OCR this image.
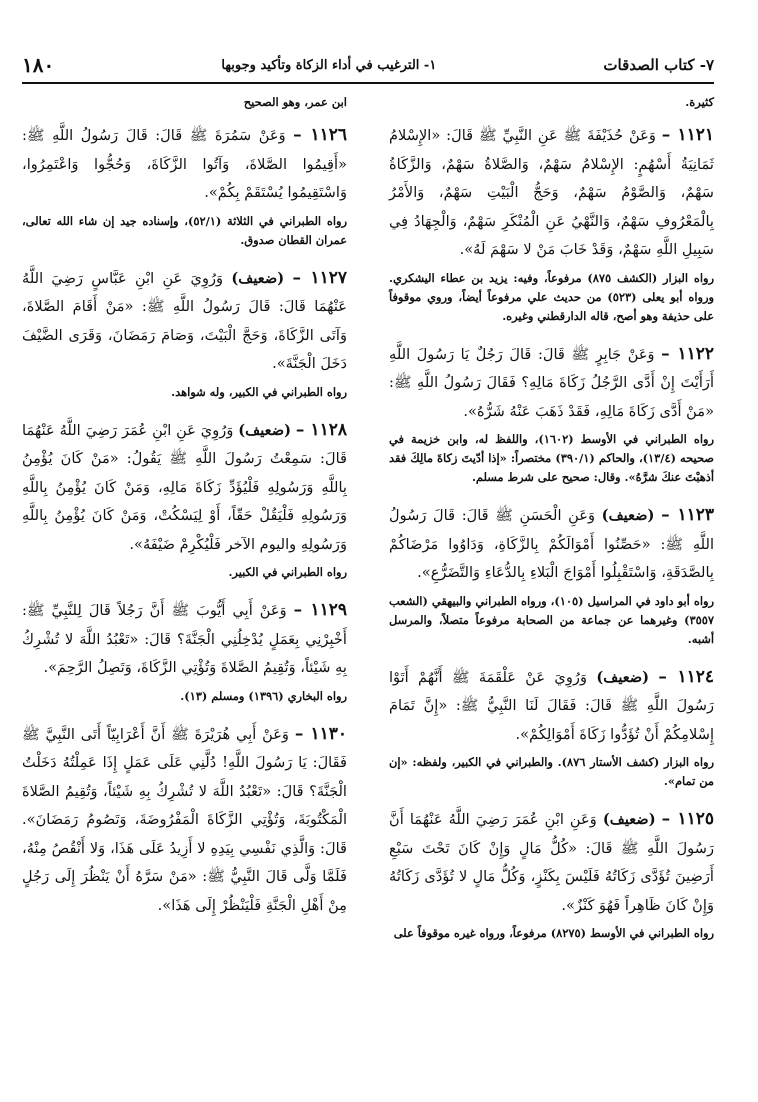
٧- كتاب الصدقات
١- الترغيب في أداء الزكاة وتأكيد وجوبها
١٨٠

كثيرة.

١١٢١ – وَعَنْ حُذَيْفَةَ ﷺ عَنِ النَّبِيِّ ﷺ قَالَ: «الإِسْلامُ ثَمَانِيَةُ أَسْهُمٍ: الإِسْلامُ سَهْمٌ، وَالصَّلاةُ سَهْمٌ، وَالزَّكَاةُ سَهْمٌ، وَالصَّوْمُ سَهْمٌ، وَحَجُّ الْبَيْتِ سَهْمٌ، وَالأَمْرُ بِالْمَعْرُوفِ سَهْمٌ، وَالنَّهْيُ عَنِ الْمُنْكَرِ سَهْمٌ، وَالْجِهَادُ فِي سَبِيلِ اللَّهِ سَهْمٌ، وَقَدْ خَابَ مَنْ لا سَهْمَ لَهُ».

رواه البزار (الكشف ٨٧٥) مرفوعاً، وفيه: يزيد بن عطاء اليشكري. ورواه أبو يعلى (٥٢٣) من حديث علي مرفوعاً أيضاً، وروي موقوفاً على حذيفة وهو أصح، قاله الدارقطني وغيره.

١١٢٢ – وَعَنْ جَابِرٍ ﷺ قَالَ: قَالَ رَجُلٌ يَا رَسُولَ اللَّهِ أَرَأَيْتَ إِنْ أَدَّى الرَّجُلُ زَكَاةَ مَالِهِ؟ فَقَالَ رَسُولُ اللَّهِ ﷺ: «مَنْ أَدَّى زَكَاةَ مَالِهِ، فَقَدْ ذَهَبَ عَنْهُ شَرُّهُ».

رواه الطبراني في الأوسط (١٦٠٢)، واللفظ له، وابن خزيمة في صحيحه (١٣/٤)، والحاكم (٣٩٠/١) مختصراً: «إذا أدّيتَ زكاةَ مالِكَ فقد أذهبْتَ عنكَ شرَّهُ». وقال: صحيح على شرط مسلم.

١١٢٣ – (ضعيف) وَعَنِ الْحَسَنِ ﷺ قَالَ: قَالَ رَسُولُ اللَّهِ ﷺ: «حَصِّنُوا أَمْوَالَكُمْ بِالزَّكَاةِ، وَدَاوُوا مَرْضَاكُمْ بِالصَّدَقَةِ، وَاسْتَقْبِلُوا أَمْوَاجَ الْبَلاءِ بِالدُّعَاءِ وَالتَّضَرُّعِ».

رواه أبو داود في المراسيل (١٠٥)، ورواه الطبراني والبيهقي (الشعب ٣٥٥٧) وغيرهما عن جماعة من الصحابة مرفوعاً متصلاً، والمرسل أشبه.

١١٢٤ – (ضعيف) وَرُوِيَ عَنْ عَلْقَمَةَ ﷺ أَنَّهُمْ أَتَوْا رَسُولَ اللَّهِ ﷺ قَالَ: فَقَالَ لَنَا النَّبِيُّ ﷺ: «إِنَّ تَمَامَ إِسْلامِكُمْ أَنْ تُؤَدُّوا زَكَاةَ أَمْوَالِكُمْ».

رواه البزار (كشف الأستار ٨٧٦). والطبراني في الكبير، ولفظه: «إن من تمام».

١١٢٥ – (ضعيف) وَعَنِ ابْنِ عُمَرَ رَضِيَ اللَّهُ عَنْهُمَا أَنَّ رَسُولَ اللَّهِ ﷺ قَالَ: «كُلُّ مَالٍ وَإِنْ كَانَ تَحْتَ سَبْعِ أَرَضِينَ تُؤَدَّى زَكَاتُهُ فَلَيْسَ بِكَنْزٍ، وَكُلُّ مَالٍ لا تُؤَدَّى زَكَاتُهُ وَإِنْ كَانَ ظَاهِراً فَهُوَ كَنْزٌ».

رواه الطبراني في الأوسط (٨٢٧٥) مرفوعاً، ورواه غيره موقوفاً على

ابن عمر، وهو الصحيح

١١٢٦ – وَعَنْ سَمُرَةَ ﷺ قَالَ: قَالَ رَسُولُ اللَّهِ ﷺ: «أَقِيمُوا الصَّلاةَ، وَآتُوا الزَّكَاةَ، وَحُجُّوا وَاعْتَمِرُوا، وَاسْتَقِيمُوا يُسْتَقَمْ بِكُمْ».

رواه الطبراني في الثلاثة (٥٢/١)، وإسناده جيد إن شاء الله تعالى، عمران القطان صدوق.

١١٢٧ – (ضعيف) وَرُوِيَ عَنِ ابْنِ عَبَّاسٍ رَضِيَ اللَّهُ عَنْهُمَا قَالَ: قَالَ رَسُولُ اللَّهِ ﷺ: «مَنْ أَقَامَ الصَّلاةَ، وَآتَى الزَّكَاةَ، وَحَجَّ الْبَيْتَ، وَصَامَ رَمَضَانَ، وَقَرَى الضَّيْفَ دَخَلَ الْجَنَّةَ».

رواه الطبراني في الكبير، وله شواهد.

١١٢٨ – (ضعيف) وَرُوِيَ عَنِ ابْنِ عُمَرَ رَضِيَ اللَّهُ عَنْهُمَا قَالَ: سَمِعْتُ رَسُولَ اللَّهِ ﷺ يَقُولُ: «مَنْ كَانَ يُؤْمِنُ بِاللَّهِ وَرَسُولِهِ فَلْيُؤَدِّ زَكَاةَ مَالِهِ، وَمَنْ كَانَ يُؤْمِنُ بِاللَّهِ وَرَسُولِهِ فَلْيَقُلْ حَقّاً، أَوْ لِيَسْكُتْ، وَمَنْ كَانَ يُؤْمِنُ بِاللَّهِ وَرَسُولِهِ واليوم الآخر فَلْيُكْرِمْ ضَيْفَهُ».

رواه الطبراني في الكبير.

١١٢٩ – وَعَنْ أَبِي أَيُّوبَ ﷺ أَنَّ رَجُلاً قَالَ لِلنَّبِيِّ ﷺ: أَخْبِرْنِي بِعَمَلٍ يُدْخِلُنِي الْجَنَّةَ؟ قَالَ: «تَعْبُدُ اللَّهَ لا تُشْرِكُ بِهِ شَيْئاً، وَتُقِيمُ الصَّلاةَ وَتُؤْتِي الزَّكَاةَ، وَتَصِلُ الرَّحِمَ».

رواه البخاري (١٣٩٦) ومسلم (١٣).

١١٣٠ – وَعَنْ أَبِي هُرَيْرَةَ ﷺ أَنَّ أَعْرَابِيّاً أَتَى النَّبِيَّ ﷺ فَقَالَ: يَا رَسُولَ اللَّهِ! دُلَّنِي عَلَى عَمَلٍ إِذَا عَمِلْتُهُ دَخَلْتُ الْجَنَّةَ؟ قَالَ: «تَعْبُدُ اللَّهَ لا تُشْرِكُ بِهِ شَيْئاً، وَتُقِيمُ الصَّلاةَ الْمَكْتُوبَةَ، وَتُؤْتِي الزَّكَاةَ الْمَفْرُوضَةَ، وَتَصُومُ رَمَضَانَ». قَالَ: وَالَّذِي نَفْسِي بِيَدِهِ لا أَزِيدُ عَلَى هَذَا، وَلا أَنْقُصُ مِنْهُ، فَلَمَّا وَلَّى قَالَ النَّبِيُّ ﷺ: «مَنْ سَرَّهُ أَنْ يَنْظُرَ إِلَى رَجُلٍ مِنْ أَهْلِ الْجَنَّةِ فَلْيَنْظُرْ إِلَى هَذَا».
